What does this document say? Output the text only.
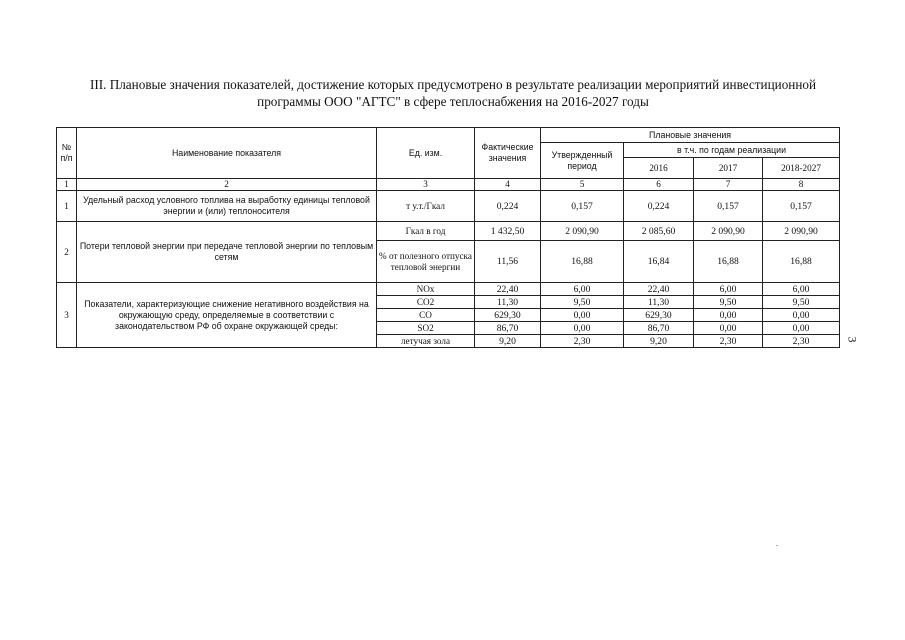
III. Плановые значения показателей, достижение которых предусмотрено в результате реализации мероприятий инвестиционной
программы ООО "АГТС" в сфере теплоснабжения на 2016-2027 годы
№ п/п	Наименование показателя	Ед. изм.	Фактические значения	Плановые значения			
				Утвержденный период	в т.ч. по годам реализации		
					2016	2017	2018-2027
1	2	3	4	5	6	7	8
1	Удельный расход условного топлива на выработку единицы тепловой энергии и (или) теплоносителя	т у.т./Гкал	0,224	0,157	0,224	0,157	0,157
2	Потери тепловой энергии при передаче тепловой энергии по тепловым сетям	Гкал в год	1 432,50	2 090,90	2 085,60	2 090,90	2 090,90
		% от полезного отпуска тепловой энергии	11,56	16,88	16,84	16,88	16,88
3	Показатели, характеризующие снижение негативного воздействия на окружающую среду, определяемые в соответствии с законодательством РФ об охране окружающей среды:	NOx	22,40	6,00	22,40	6,00	6,00
		CO2	11,30	9,50	11,30	9,50	9,50
		CO	629,30	0,00	629,30	0,00	0,00
		SO2	86,70	0,00	86,70	0,00	0,00
		летучая зола	9,20	2,30	9,20	2,30	2,30	3
